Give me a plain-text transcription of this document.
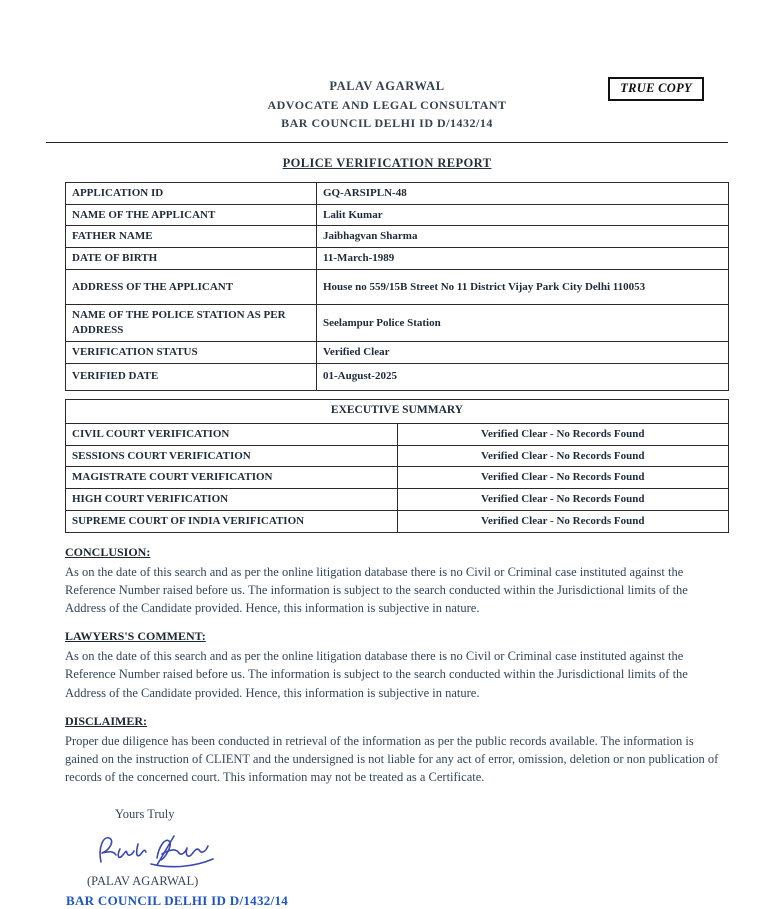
TRUE COPY
PALAV AGARWAL
ADVOCATE AND LEGAL CONSULTANT
BAR COUNCIL DELHI ID D/1432/14
POLICE VERIFICATION REPORT
APPLICATION ID	GQ-ARSIPLN-48
NAME OF THE APPLICANT	Lalit Kumar
FATHER NAME	Jaibhagvan Sharma
DATE OF BIRTH	11-March-1989
ADDRESS OF THE APPLICANT	House no 559/15B Street No 11 District Vijay Park City Delhi 110053
NAME OF THE POLICE STATION AS PER ADDRESS	Seelampur Police Station
VERIFICATION STATUS	Verified Clear
VERIFIED DATE	01-August-2025
EXECUTIVE SUMMARY	
CIVIL COURT VERIFICATION	Verified Clear - No Records Found
SESSIONS COURT VERIFICATION	Verified Clear - No Records Found
MAGISTRATE COURT VERIFICATION	Verified Clear - No Records Found
HIGH COURT VERIFICATION	Verified Clear - No Records Found
SUPREME COURT OF INDIA VERIFICATION	Verified Clear - No Records Found
CONCLUSION:

As on the date of this search and as per the online litigation database there is no Civil or Criminal case instituted against the Reference Number raised before us. The information is subject to the search conducted within the Jurisdictional limits of the Address of the Candidate provided. Hence, this information is subjective in nature.

LAWYERS'S COMMENT:

As on the date of this search and as per the online litigation database there is no Civil or Criminal case instituted against the Reference Number raised before us. The information is subject to the search conducted within the Jurisdictional limits of the Address of the Candidate provided. Hence, this information is subjective in nature.

DISCLAIMER:

Proper due diligence has been conducted in retrieval of the information as per the public records available. The information is gained on the instruction of CLIENT and the undersigned is not liable for any act of error, omission, deletion or non publication of records of the concerned court. This information may not be treated as a Certificate.

Yours Truly
(PALAV AGARWAL)
BAR COUNCIL DELHI ID D/1432/14
